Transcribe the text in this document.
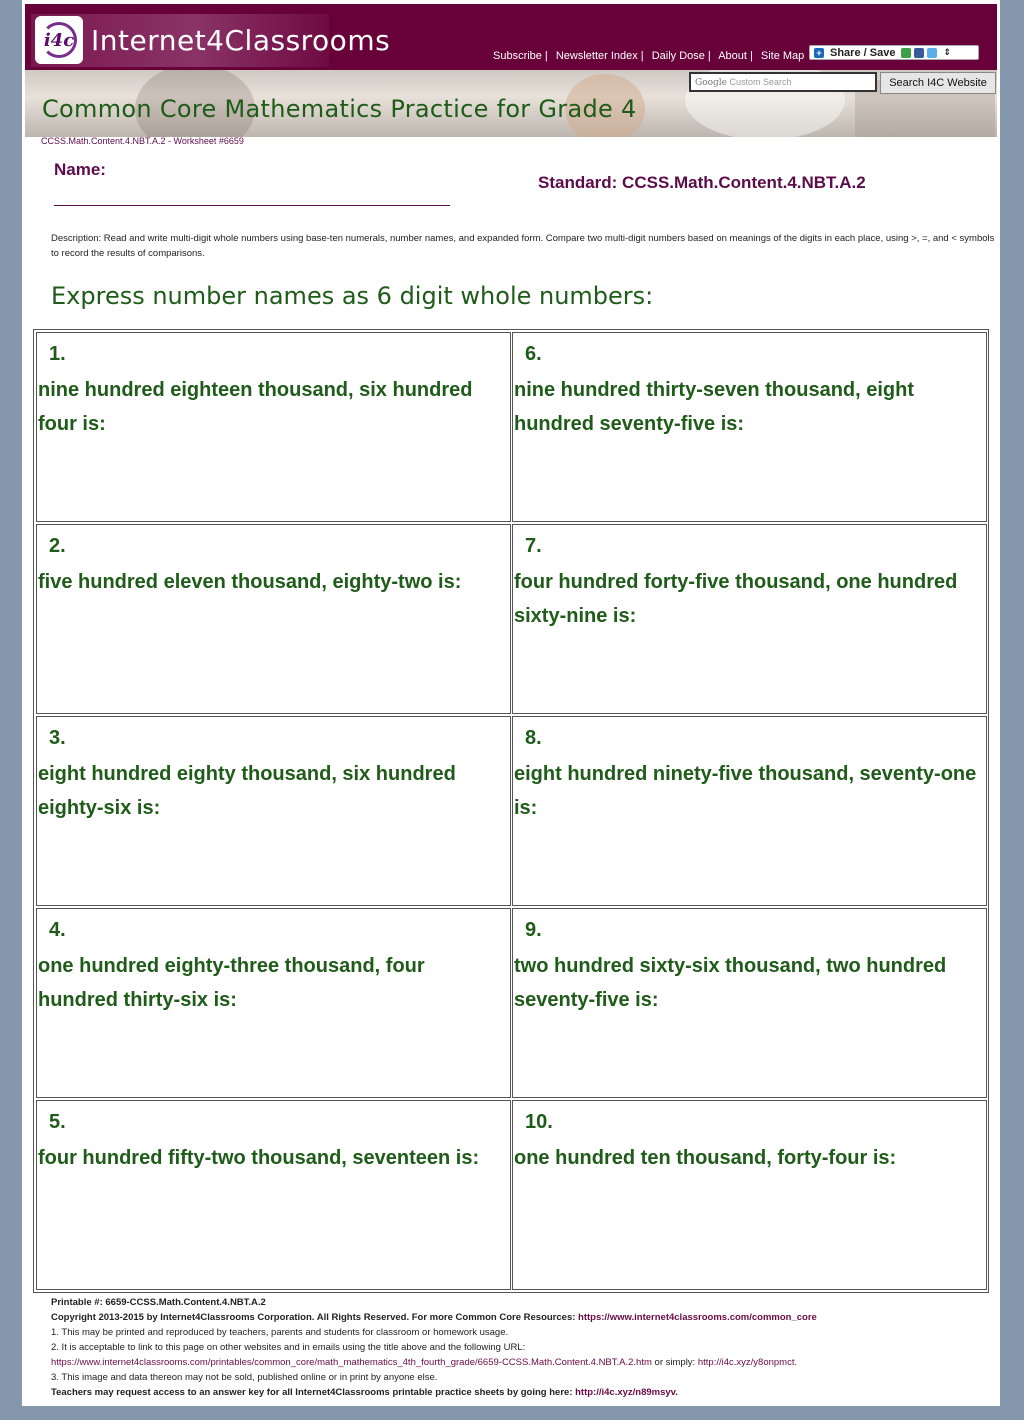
i4c Internet4Classrooms	Subscribe | Newsletter Index | Daily Dose | About | Site Map + Share / Save	⇕
Google Custom Search	Search I4C Website
Common Core Mathematics Practice for Grade 4
CCSS.Math.Content.4.NBT.A.2 - Worksheet #6659
Name:
Standard: CCSS.Math.Content.4.NBT.A.2
Description: Read and write multi-digit whole numbers using base-ten numerals, number names, and expanded form. Compare two multi-digit numbers based on meanings of the digits in each place, using >, =, and < symbols to record the results of comparisons.
Express number names as 6 digit whole numbers:
1.
nine hundred eighteen thousand, six hundred four is:
2.
five hundred eleven thousand, eighty-two is:
3.
eight hundred eighty thousand, six hundred eighty-six is:
4.
one hundred eighty-three thousand, four hundred thirty-six is:
5.
four hundred fifty-two thousand, seventeen is:
6.
nine hundred thirty-seven thousand, eight hundred seventy-five is:
7.
four hundred forty-five thousand, one hundred sixty-nine is:
8.
eight hundred ninety-five thousand, seventy-one is:
9.
two hundred sixty-six thousand, two hundred seventy-five is:
10.
one hundred ten thousand, forty-four is:
Printable #: 6659-CCSS.Math.Content.4.NBT.A.2
Copyright 2013-2015 by Internet4Classrooms Corporation. All Rights Reserved. For more Common Core Resources: https://www.internet4classrooms.com/common_core
1. This may be printed and reproduced by teachers, parents and students for classroom or homework usage.
2. It is acceptable to link to this page on other websites and in emails using the title above and the following URL:
https://www.internet4classrooms.com/printables/common_core/math_mathematics_4th_fourth_grade/6659-CCSS.Math.Content.4.NBT.A.2.htm or simply: http://i4c.xyz/y8onpmct.
3. This image and data thereon may not be sold, published online or in print by anyone else.
Teachers may request access to an answer key for all Internet4Classrooms printable practice sheets by going here: http://i4c.xyz/n89msyv.
